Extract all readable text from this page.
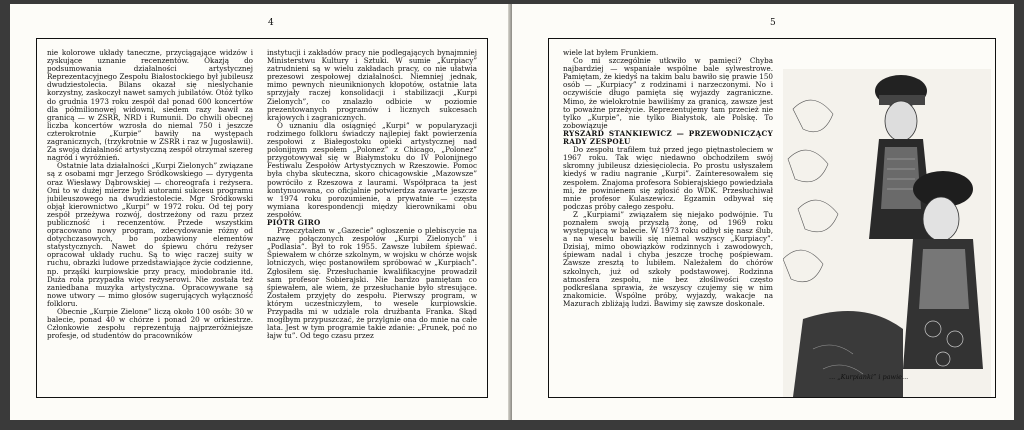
4

nie kolorowe układy taneczne, przyciągające widzów i zyskujące uznanie recenzentów. Okazją do podsumowania działalności artystycznej Reprezentacyjnego Zespołu Białostockiego był jubileusz dwudziestolecia. Bilans okazał się nieslychanie korzystny, zaskoczył nawet samych jubilatów. Otóż tylko do grudnia 1973 roku zespół dał ponad 600 koncertów dla półmilionowej widowni, siedem razy bawił za granicą — w ZSRR, NRD i Rumunii. Do chwili obecnej liczba koncertów wzrosła do niemal 750 i jeszcze czterokrotnie „Kurpie” bawiły na występach zagranicznych, (trzykrotnie w ZSRR i raz w Jugosławii). Za swoją działalność artystyczną zespół otrzymał szereg nagród i wyróżnień.

Ostatnie lata działalności „Kurpi Zielonych” związane są z osobami mgr Jerzego Sródkowskiego — dyrygenta oraz Wiesławy Dąbrowskiej — choreografa i reżysera. Oni to w dużej mierze byli autorami sukcesu programu jubileuszowego na dwudziestolecie. Mgr Sródkowski objął kierownictwo „Kurpi” w 1972 roku. Od tej pory zespół przeżywa rozwój, dostrzeżony od razu przez publiczność i recenzentów. Przede wszystkim opracowano nowy program, zdecydowanie różny od dotychczasowych, bo pozbawiony elementów statystycznych. Nawet do śpiewu chóru reżyser opracował układy ruchu. Są to więc raczej suity w ruchu, obrazki ludowe przedstawiające życie codzienne, np. prząśki kurpiowskie przy pracy, miodobranie itd. Duża rola przypadła więc reżyserowi. Nie została też zaniedbana muzyka artystyczna. Opracowywane są nowe utwory — mimo głosów sugerujących wyłączność folkloru.

Obecnie „Kurpie Zielone” liczą około 100 osób: 30 w balecie, ponad 40 w chórze i ponad 20 w orkiestrze. Członkowie zespołu reprezentują najprzeróżniejsze profesje, od studentów do pracowników

instytucji i zakładów pracy nie podlegających bynajmniej Ministerstwu Kultury i Sztuki. W sumie „Kurpiacy” zatrudnieni są w wielu zakładach pracy, co nie ułatwia prezesowi zespołowej działalności. Niemniej jednak, mimo pewnych nieuniknionych kłopotów, ostatnie lata sprzyjały raczej konsolidacji i stabilizacji „Kurpi Zielonych”, co znalazło odbicie w poziomie prezentowanych programów i licznych sukcesach krajowych i zagranicznych.

O uznaniu dla osiągnięć „Kurpi” w popularyzacji rodzimego folkloru świadczy najlepiej fakt powierzenia zespołowi z Białegostoku opieki artystycznej nad polonijnym zespołem „Polonez” z Chicago, „Polonez” przygotowywał się w Białymstoku do IV Polonijnego Festiwalu Zespołów Artystycznych w Rzeszowie. Pomoc była chyba skuteczna, skoro chicagowskie „Mazowsze” powróciło z Rzeszowa z laurami. Współpraca ta jest kontynuowana, co oficjalnie potwierdza zawarte jeszcze w 1974 roku porozumienie, a prywatnie — częsta wymiana korespondencji między kierownikami obu zespołów.

PIOTR GIRO

Przeczytałem w „Gazecie” ogłoszenie o plebiscycie na nazwę połączonych zespołów „Kurpi Zielonych” i „Podlasia”. Był to rok 1955. Zawsze lubiłem śpiewać. Śpiewałem w chórze szkolnym, w wojsku w chórze wojsk lotniczych, więc postanowiłem spróbować w „Kurpiach”. Zgłosiłem się. Przesłuchanie kwalifikacyjne prowadził sam profesor Sobierajski. Nie bardzo pamiętam co śpiewałem, ale wiem, że przesłuchanie było stresujące. Zostałem przyjęty do zespołu. Pierwszy program, w którym uczestniczyłem, to wesele kurpiowskie. Przypadła mi w udziale rola drużbanta Franka. Skąd mogłbym przypuszczać, że przylgnie ona do mnie na całe lata. Jest w tym programie takie zdanie: „Frunek, poć no łajw tu”. Od tego czasu przez

5

wiele lat byłem Frunkiem.

Co mi szczególnie utkwiło w pamięci? Chyba najbardziej — wspaniałe wspólne bale sylwestrowe. Pamiętam, że kiedyś na takim balu bawiło się prawie 150 osób — „Kurpiacy” z rodzinami i narzeczonymi. No i oczywiście długo pamięta się wyjazdy zagraniczne. Mimo, że wielokrotnie bawiliśmy za granicą, zawsze jest to poważne przeżycie. Reprezentujemy tam przecież nie tylko „Kurpie”, nie tylko Białystok, ale Polskę. To zobowiązuje

RYSZARD STANKIEWICZ — PRZEWODNICZĄCY RADY ZESPOŁU

Do zespołu trafiłem tuż przed jego piętnastoleciem w 1967 roku. Tak więc niedawno obchodziłem swój skromny jubileusz dziesięciolecia. Po prostu usłyszałem kiedyś w radiu nagranie „Kurpi”. Zainteresowałem się zespołem. Znajoma profesora Sobierajskiego powiedziała mi, że powinienem się zgłosić do WDK. Przesłuchiwał mnie profesor Kulaszewicz. Egzamin odbywał się podczas próby całego zespołu.

Z „Kurpiami” związałem się niejako podwójnie. Tu poznałem swoją przyszłą żonę, od 1969 roku występującą w balecie. W 1973 roku odbył się nasz ślub, a na weselu bawili się niemal wszyscy „Kurpiacy”. Dzisiaj, mimo obowiązków rodzinnych i zawodowych, śpiewam nadal i chyba jeszcze trochę pośpiewam. Zawsze zresztą to lubiłem. Należałem do chórów szkolnych, już od szkoły podstawowej. Rodzinna atmosfera zespołu, nie bez złośliwości często podkreślana sprawia, że wszyscy czujemy się w nim znakomicie. Wspólne próby, wyjazdy, wakacje na Mazurach zbliżają ludzi. Bawimy się zawsze doskonale.

... „Kurpianki” i pawie...
